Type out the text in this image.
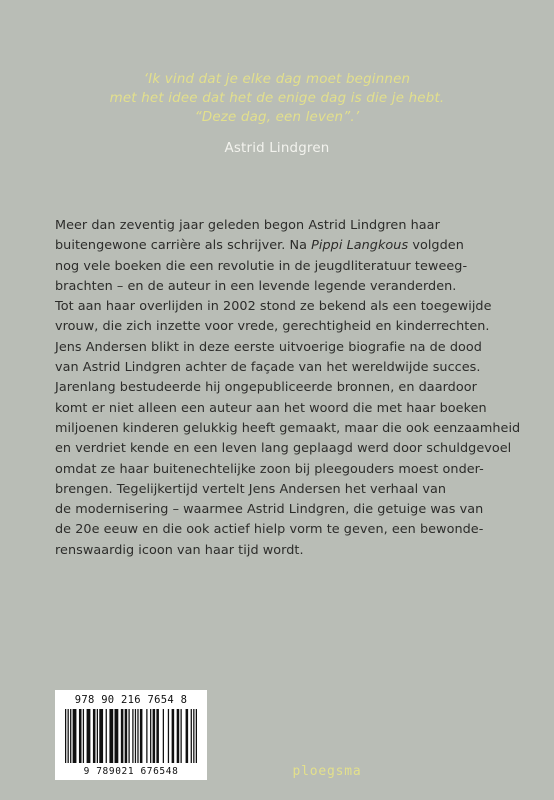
‘Ik vind dat je elke dag moet beginnen
met het idee dat het de enige dag is die je hebt.
“Deze dag, een leven”.’
Astrid Lindgren
Meer dan zeventig jaar geleden begon Astrid Lindgren haar
buitengewone carrière als schrijver. Na Pippi Langkous volgden
nog vele boeken die een revolutie in de jeugdliteratuur teweeg-
brachten – en de auteur in een levende legende veranderden.
Tot aan haar overlijden in 2002 stond ze bekend als een toegewijde
vrouw, die zich inzette voor vrede, gerechtigheid en kinderrechten.
Jens Andersen blikt in deze eerste uitvoerige biografie na de dood
van Astrid Lindgren achter de façade van het wereldwijde succes.
Jarenlang bestudeerde hij ongepubliceerde bronnen, en daardoor
komt er niet alleen een auteur aan het woord die met haar boeken
miljoenen kinderen gelukkig heeft gemaakt, maar die ook eenzaamheid
en verdriet kende en een leven lang geplaagd werd door schuldgevoel
omdat ze haar buitenechtelijke zoon bij pleegouders moest onder-
brengen. Tegelijkertijd vertelt Jens Andersen het verhaal van
de modernisering – waarmee Astrid Lindgren, die getuige was van
de 20e eeuw en die ook actief hielp vorm te geven, een bewonde-
renswaardig icoon van haar tijd wordt.
978 90 216 7654 8
9 789021 676548	ploegsma
